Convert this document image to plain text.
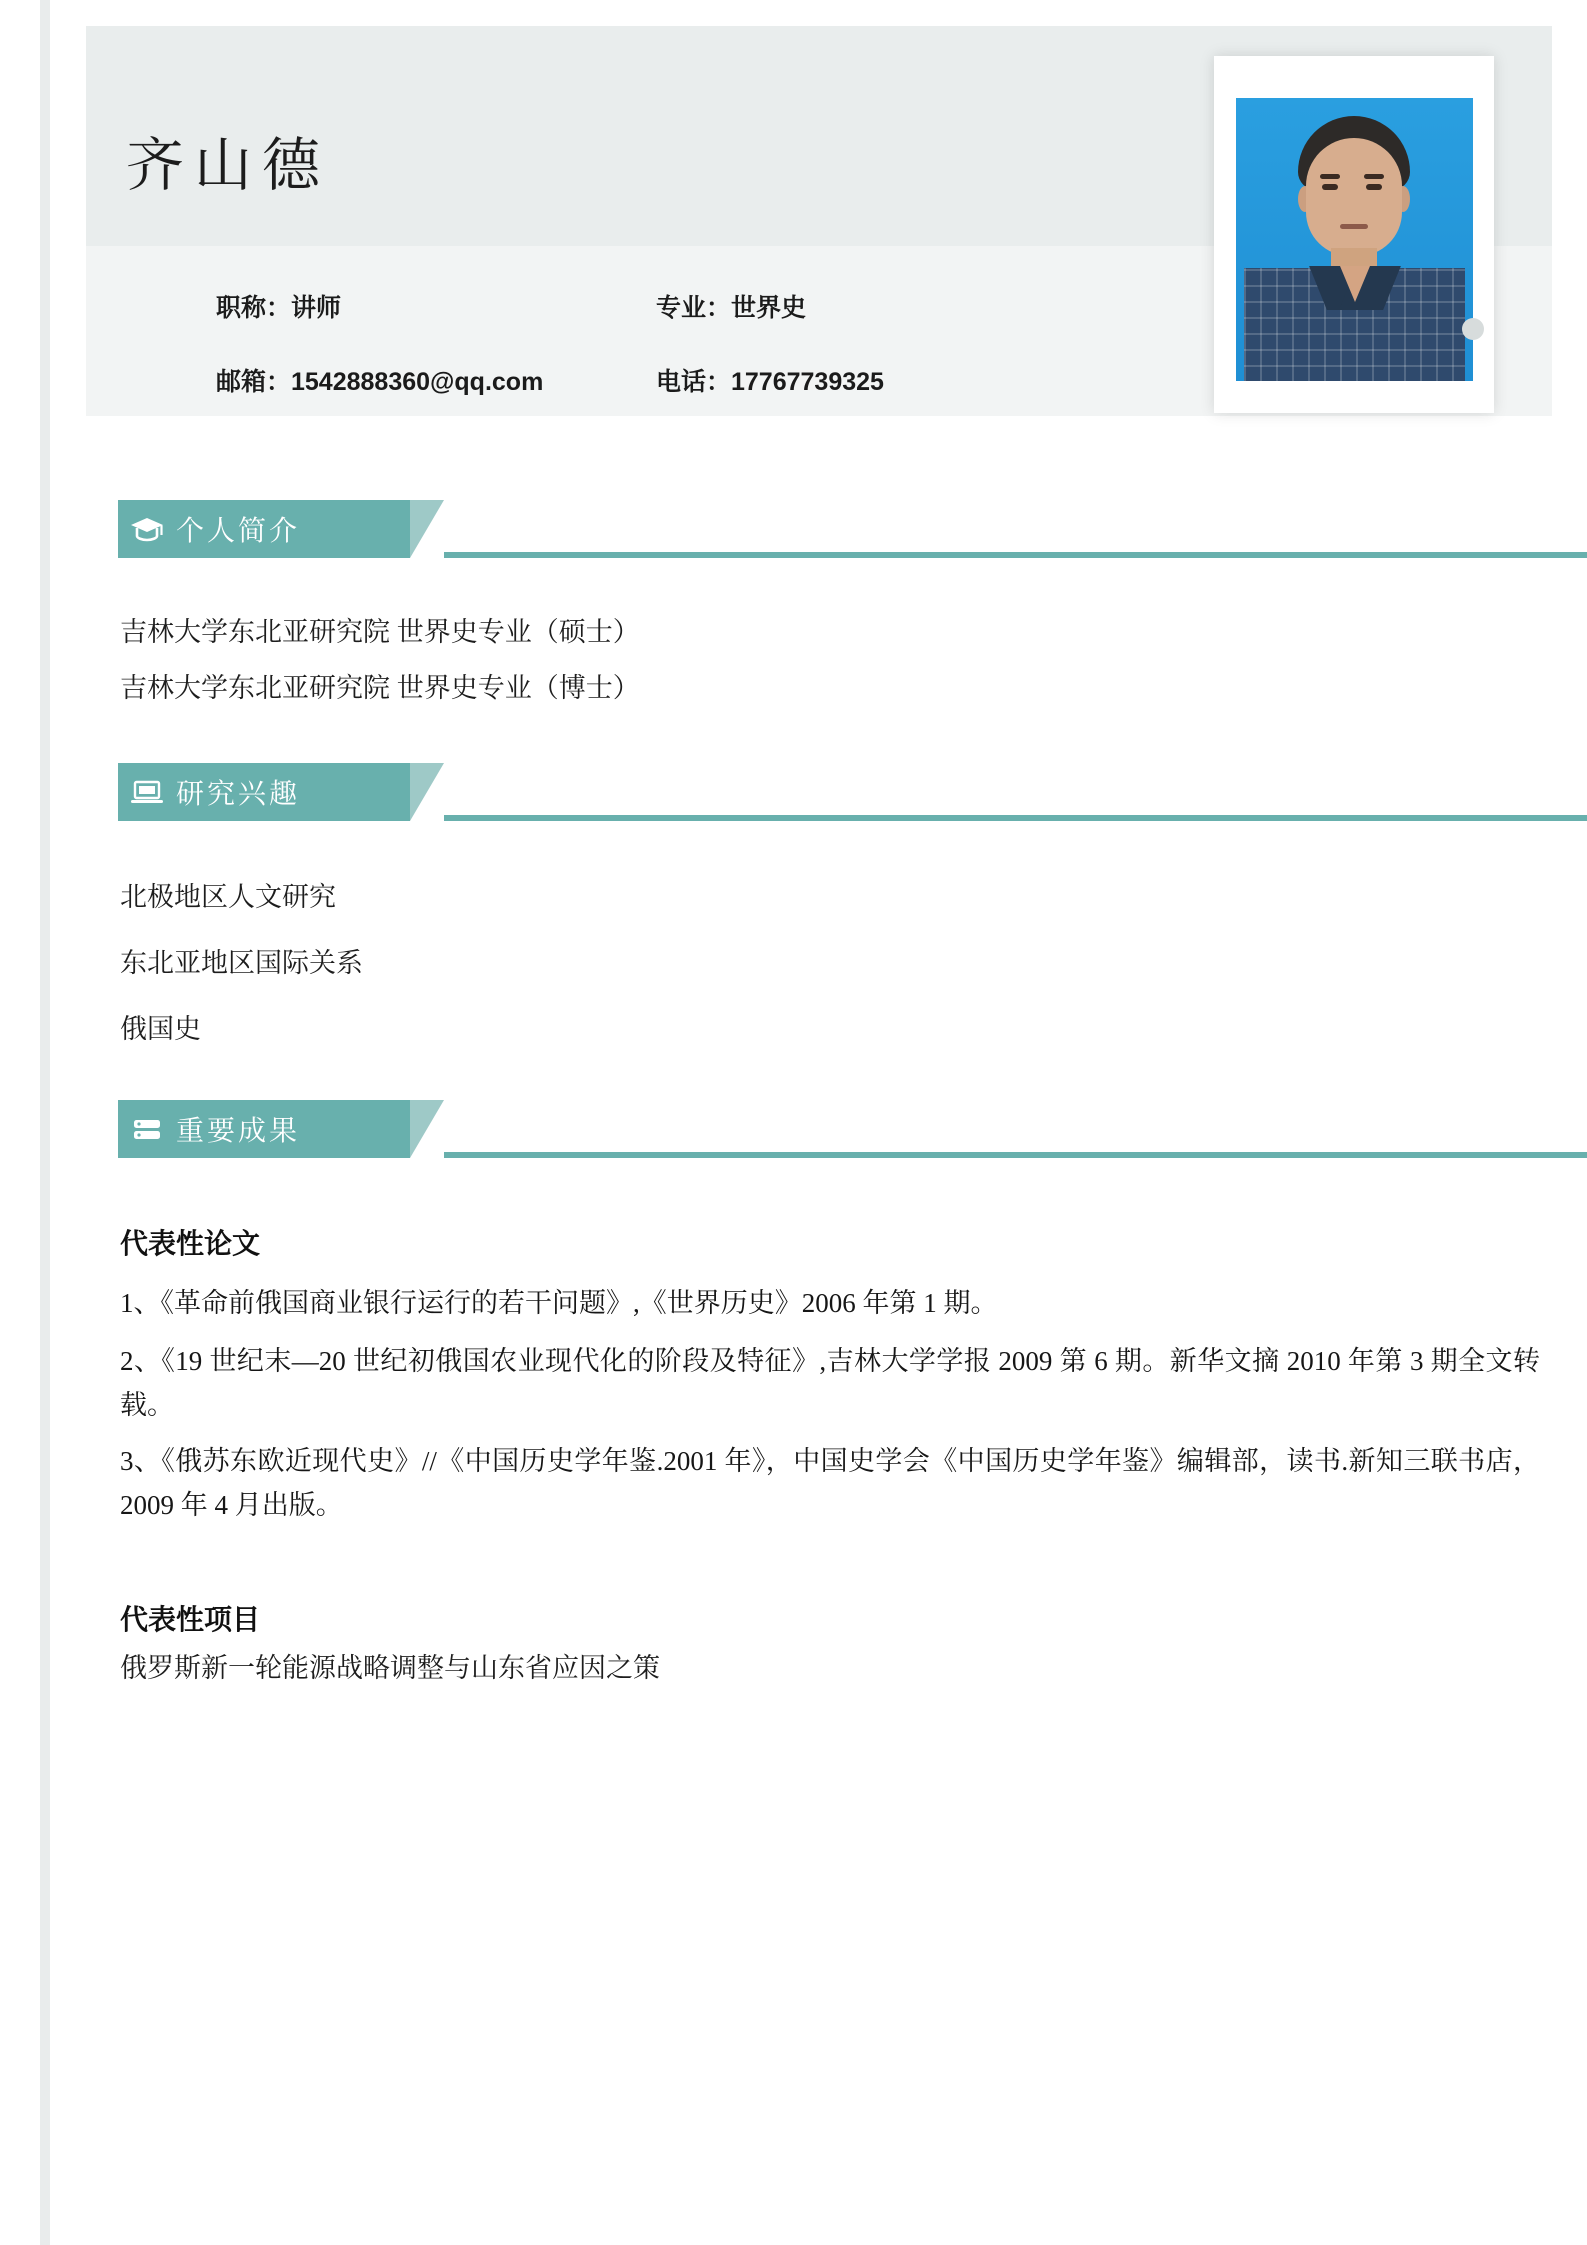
齐山德
职称：讲师	专业：世界史
邮箱：1542888360@qq.com	电话：17767739325
个人简介
吉林大学东北亚研究院 世界史专业（硕士）
吉林大学东北亚研究院 世界史专业（博士）
研究兴趣
北极地区人文研究
东北亚地区国际关系
俄国史
重要成果
代表性论文
1、《革命前俄国商业银行运行的若干问题》,《世界历史》2006 年第 1 期。
2、《19 世纪末—20 世纪初俄国农业现代化的阶段及特征》,吉林大学学报 2009 第 6 期。新华文摘 2010 年第 3 期全文转载。
3、《俄苏东欧近现代史》//《中国历史学年鉴.2001 年》，中国史学会《中国历史学年鉴》编辑部，读书.新知三联书店，2009 年 4 月出版。
代表性项目
俄罗斯新一轮能源战略调整与山东省应因之策
